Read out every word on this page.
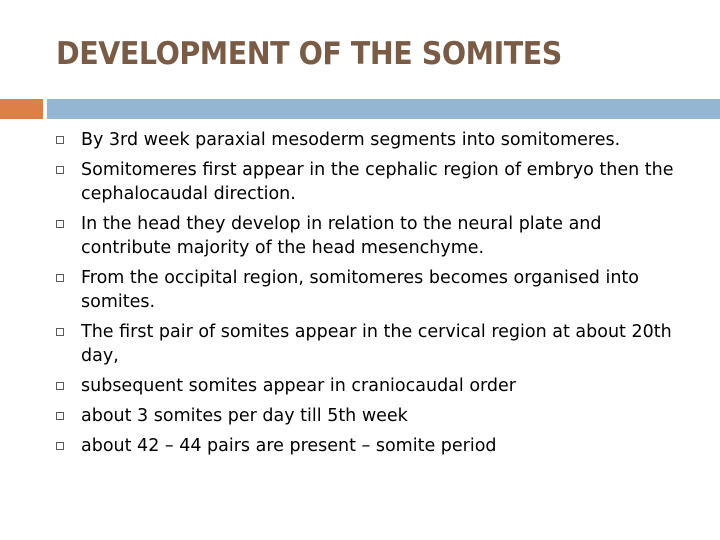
DEVELOPMENT OF THE SOMITES
By 3rd week paraxial mesoderm segments into somitomeres.
Somitomeres first appear in the cephalic region of embryo then the cephalocaudal direction.
In the head they develop in relation to the neural plate and contribute majority of the head mesenchyme.
From the occipital region, somitomeres becomes organised into somites.
The first pair of somites appear in the cervical region at about 20th day,
subsequent somites appear in craniocaudal order
about 3 somites per day till 5th week
about 42 – 44 pairs are present – somite period
